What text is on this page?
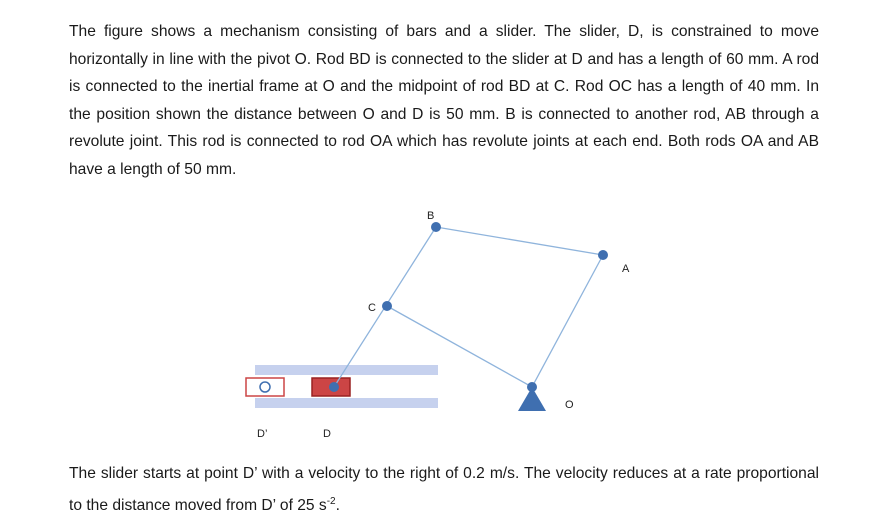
The figure shows a mechanism consisting of bars and a slider. The slider, D, is constrained to move horizontally in line with the pivot O. Rod BD is connected to the slider at D and has a length of 60 mm. A rod is connected to the inertial frame at O and the midpoint of rod BD at C. Rod OC has a length of 40 mm. In the position shown the distance between O and D is 50 mm. B is connected to another rod, AB through a revolute joint. This rod is connected to rod OA which has revolute joints at each end. Both rods OA and AB have a length of 50 mm.

B
A
C
O
D’	D

The slider starts at point D’ with a velocity to the right of 0.2 m/s. The velocity reduces at a rate proportional to the distance moved from D’ of 25 $s^{-2}$.
